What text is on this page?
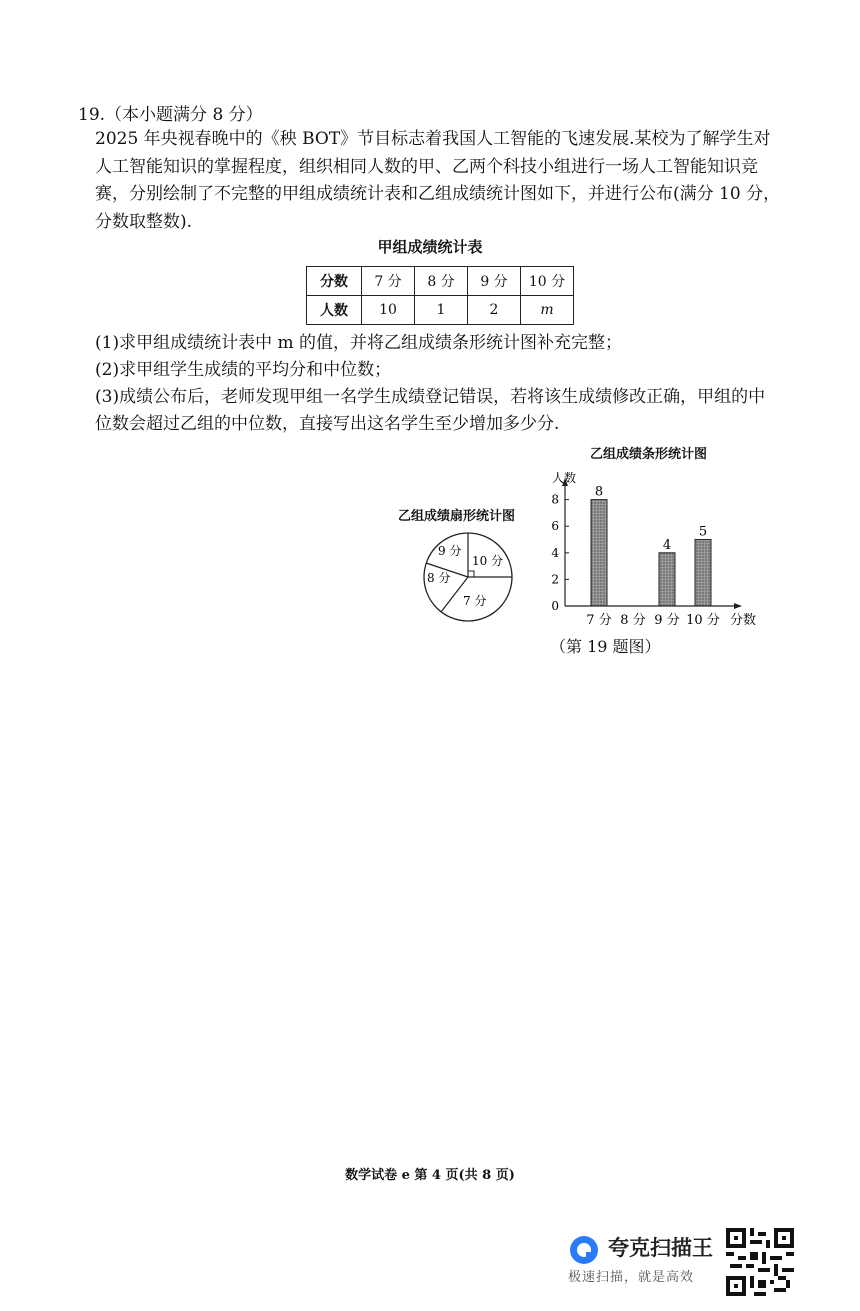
19.（本小题满分 8 分）
2025 年央视春晚中的《秧 BOT》节目标志着我国人工智能的飞速发展.某校为了解学生对
人工智能知识的掌握程度，组织相同人数的甲、乙两个科技小组进行一场人工智能知识竞
赛，分别绘制了不完整的甲组成绩统计表和乙组成绩统计图如下，并进行公布(满分 10 分，
分数取整数).
甲组成绩统计表
分数	7 分	8 分	9 分	10 分
人数	10	1	2	m
(1)求甲组成绩统计表中 m 的值，并将乙组成绩条形统计图补充完整；
(2)求甲组学生成绩的平均分和中位数；
(3)成绩公布后，老师发现甲组一名学生成绩登记错误，若将该生成绩修改正确，甲组的中
位数会超过乙组的中位数，直接写出这名学生至少增加多少分.
乙组成绩扇形统计图
9 分
10 分
8 分
7 分
乙组成绩条形统计图
人数
分数
0
2
4
6
8	8
4
5
7 分 8 分 9 分 10 分
（第 19 题图）
数学试卷 e 第 4 页(共 8 页)
夸克扫描王
极速扫描，就是高效
